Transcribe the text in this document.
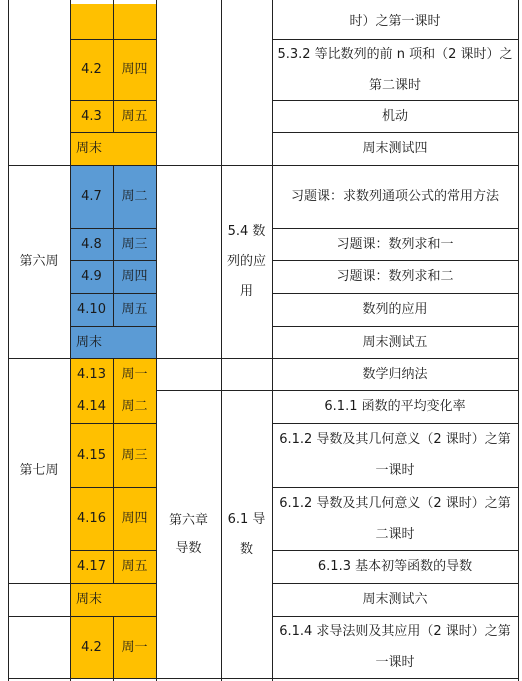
第六周
第七周
4.2 周四
4.3 周五
周末
4.7 周二
4.8 周三
4.9 周四
4.10 周五
周末
4.13 周一
4.14 周二
4.15 周三
4.16 周四
4.17 周五
周末
4.2 周一
第六章导数
5.4 数列的应用
6.1 导数
时）之第一课时
5.3.2 等比数列的前 n 项和（2 课时）之第二课时
机动
周末测试四
习题课：求数列通项公式的常用方法
习题课：数列求和一
习题课：数列求和二
数列的应用
周末测试五
数学归纳法
6.1.1 函数的平均变化率
6.1.2 导数及其几何意义（2 课时）之第一课时
6.1.2 导数及其几何意义（2 课时）之第二课时
6.1.3 基本初等函数的导数
周末测试六
6.1.4 求导法则及其应用（2 课时）之第一课时
